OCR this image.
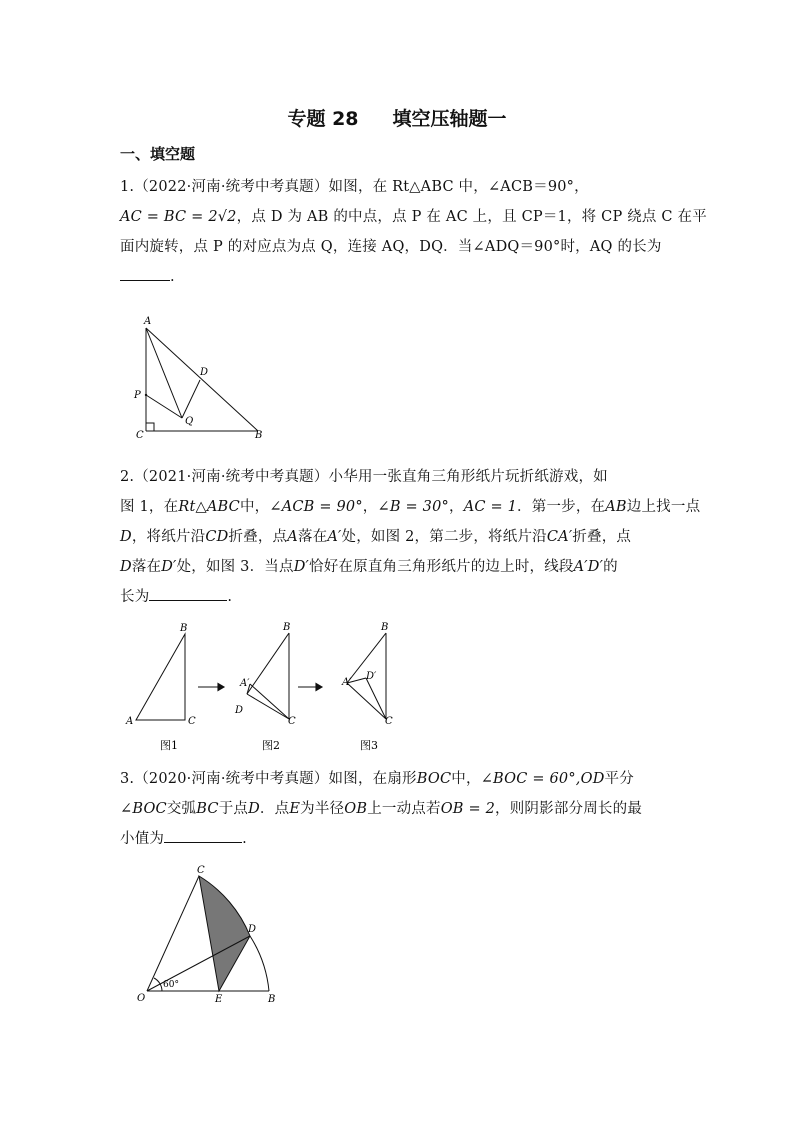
专题 28 填空压轴题一
一、填空题
1.（2022·河南·统考中考真题）如图，在 Rt△ABC 中，∠ACB＝90°，
AC = BC = 2√2，点 D 为 AB 的中点，点 P 在 AC 上，且 CP＝1，将 CP 绕点 C 在平
面内旋转，点 P 的对应点为点 Q，连接 AQ，DQ．当∠ADQ＝90°时，AQ 的长为
.
A
D
P
Q
C	B
2.（2021·河南·统考中考真题）小华用一张直角三角形纸片玩折纸游戏，如
图 1，在Rt△ABC中，∠ACB = 90°，∠B = 30°，AC = 1．第一步，在AB边上找一点
D，将纸片沿CD折叠，点A落在A′处，如图 2，第二步，将纸片沿CA′折叠，点
D落在D′处，如图 3．当点D′恰好在原直角三角形纸片的边上时，线段A′D′的
长为	.
B
A	C
图1
B
A′
D
C
图2
B
A′
D′
C
图3
3.（2020·河南·统考中考真题）如图，在扇形BOC中，∠BOC = 60°,OD平分
∠BOC交弧BC于点D．点E为半径OB上一动点若OB = 2，则阴影部分周长的最
小值为	.
C
D
O	E	B
60°
